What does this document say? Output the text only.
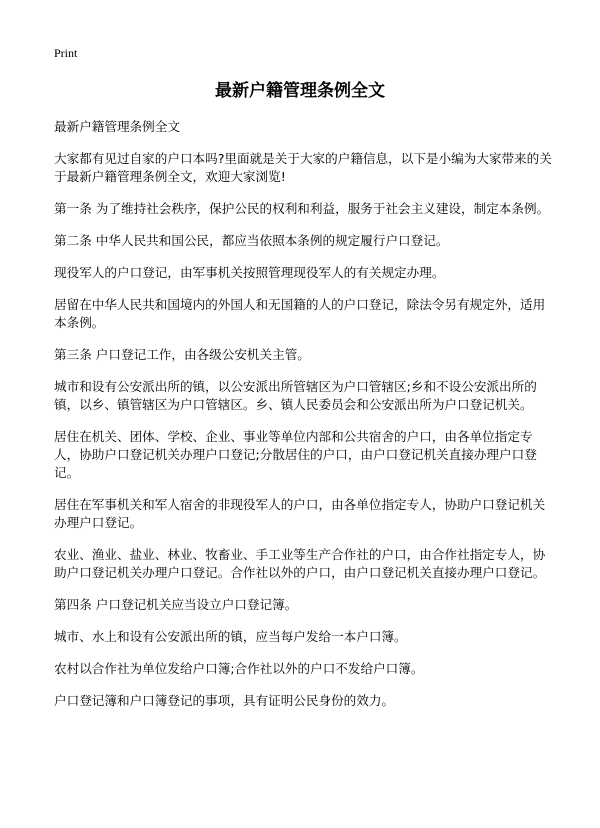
Print
最新户籍管理条例全文

最新户籍管理条例全文

大家都有见过自家的户口本吗?里面就是关于大家的户籍信息，以下是小编为大家带来的关于最新户籍管理条例全文，欢迎大家浏览!

第一条 为了维持社会秩序，保护公民的权利和利益，服务于社会主义建设，制定本条例。

第二条 中华人民共和国公民，都应当依照本条例的规定履行户口登记。

现役军人的户口登记，由军事机关按照管理现役军人的有关规定办理。

居留在中华人民共和国境内的外国人和无国籍的人的户口登记，除法令另有规定外，适用本条例。

第三条 户口登记工作，由各级公安机关主管。

城市和设有公安派出所的镇，以公安派出所管辖区为户口管辖区;乡和不设公安派出所的镇，以乡、镇管辖区为户口管辖区。乡、镇人民委员会和公安派出所为户口登记机关。

居住在机关、团体、学校、企业、事业等单位内部和公共宿舍的户口，由各单位指定专人，协助户口登记机关办理户口登记;分散居住的户口，由户口登记机关直接办理户口登记。

居住在军事机关和军人宿舍的非现役军人的户口，由各单位指定专人，协助户口登记机关办理户口登记。

农业、渔业、盐业、林业、牧畜业、手工业等生产合作社的户口，由合作社指定专人，协助户口登记机关办理户口登记。合作社以外的户口，由户口登记机关直接办理户口登记。

第四条 户口登记机关应当设立户口登记簿。

城市、水上和设有公安派出所的镇，应当每户发给一本户口簿。

农村以合作社为单位发给户口簿;合作社以外的户口不发给户口簿。

户口登记簿和户口簿登记的事项，具有证明公民身份的效力。
